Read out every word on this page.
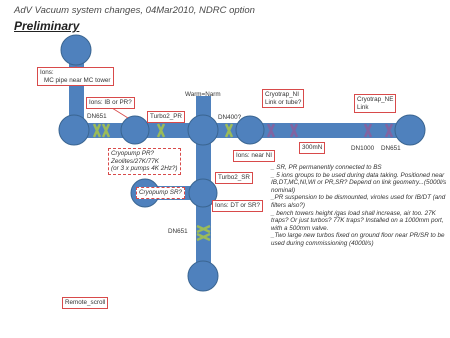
AdV Vacuum system changes, 04Mar2010, NDRC option
Preliminary
Ions:
MC pipe near MC tower
Ions: IB or PR?
DN651	Turbo2_PR
Warm=Narm
DN400?
Cryotrap_NI
Link or tube?	Cryotrap_NE
Link
Ions: near NI
300mN	DN1000 DN651
Cryopump PR?
Zeolites/27K/77K
(or 3 x pumps 4K 2Hz?)
Turbo2_SR
Cryopump SR?
Ions: DT or SR?
DN651
Remote_scroll
_ SR, PR permanently connected to BS
_ 5 ions groups to be used during data taking. Positioned near IB,DT,MC,NI,WI or PR,SR? Depend on link geometry...(5000l/s nominal)
_PR suspension to be dismounted, viroles used for IB/DT (and filters also?)
_ bench towers height /gas load shall increase, air too. 27K traps? Or just turbos? 77K traps? Installed on a 1000mm port, with a 500mm valve.
_Two large new turbos fixed on ground floor near PR/SR to be used during commissioning (4000l/s)
